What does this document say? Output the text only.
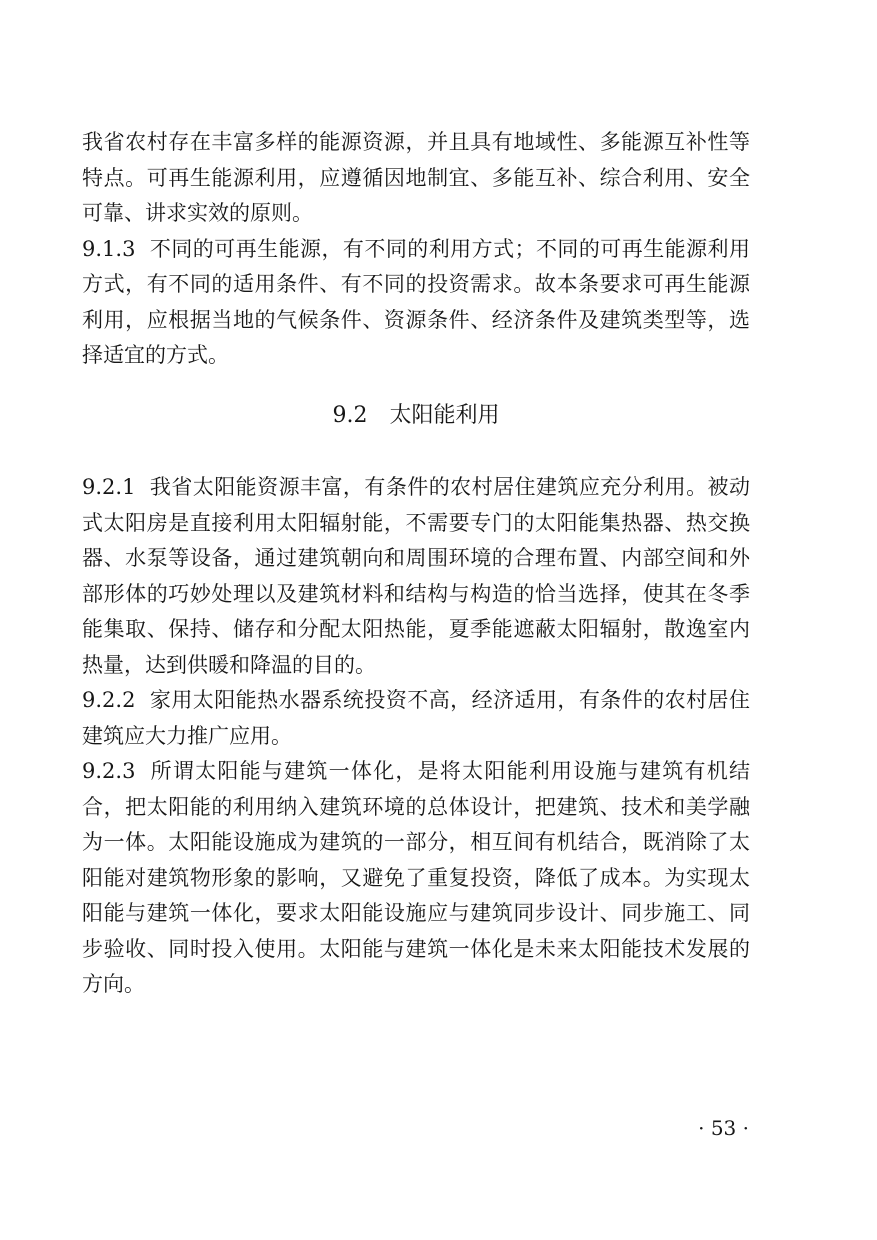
我省农村存在丰富多样的能源资源，并且具有地域性、多能源互补性等特点。可再生能源利用，应遵循因地制宜、多能互补、综合利用、安全可靠、讲求实效的原则。

9.1.3 不同的可再生能源，有不同的利用方式；不同的可再生能源利用方式，有不同的适用条件、有不同的投资需求。故本条要求可再生能源利用，应根据当地的气候条件、资源条件、经济条件及建筑类型等，选择适宜的方式。

9.2 太阳能利用

9.2.1 我省太阳能资源丰富，有条件的农村居住建筑应充分利用。被动式太阳房是直接利用太阳辐射能，不需要专门的太阳能集热器、热交换器、水泵等设备，通过建筑朝向和周围环境的合理布置、内部空间和外部形体的巧妙处理以及建筑材料和结构与构造的恰当选择，使其在冬季能集取、保持、储存和分配太阳热能，夏季能遮蔽太阳辐射，散逸室内热量，达到供暖和降温的目的。

9.2.2 家用太阳能热水器系统投资不高，经济适用，有条件的农村居住建筑应大力推广应用。

9.2.3 所谓太阳能与建筑一体化，是将太阳能利用设施与建筑有机结合，把太阳能的利用纳入建筑环境的总体设计，把建筑、技术和美学融为一体。太阳能设施成为建筑的一部分，相互间有机结合，既消除了太阳能对建筑物形象的影响，又避免了重复投资，降低了成本。为实现太阳能与建筑一体化，要求太阳能设施应与建筑同步设计、同步施工、同步验收、同时投入使用。太阳能与建筑一体化是未来太阳能技术发展的方向。

· 53 ·
